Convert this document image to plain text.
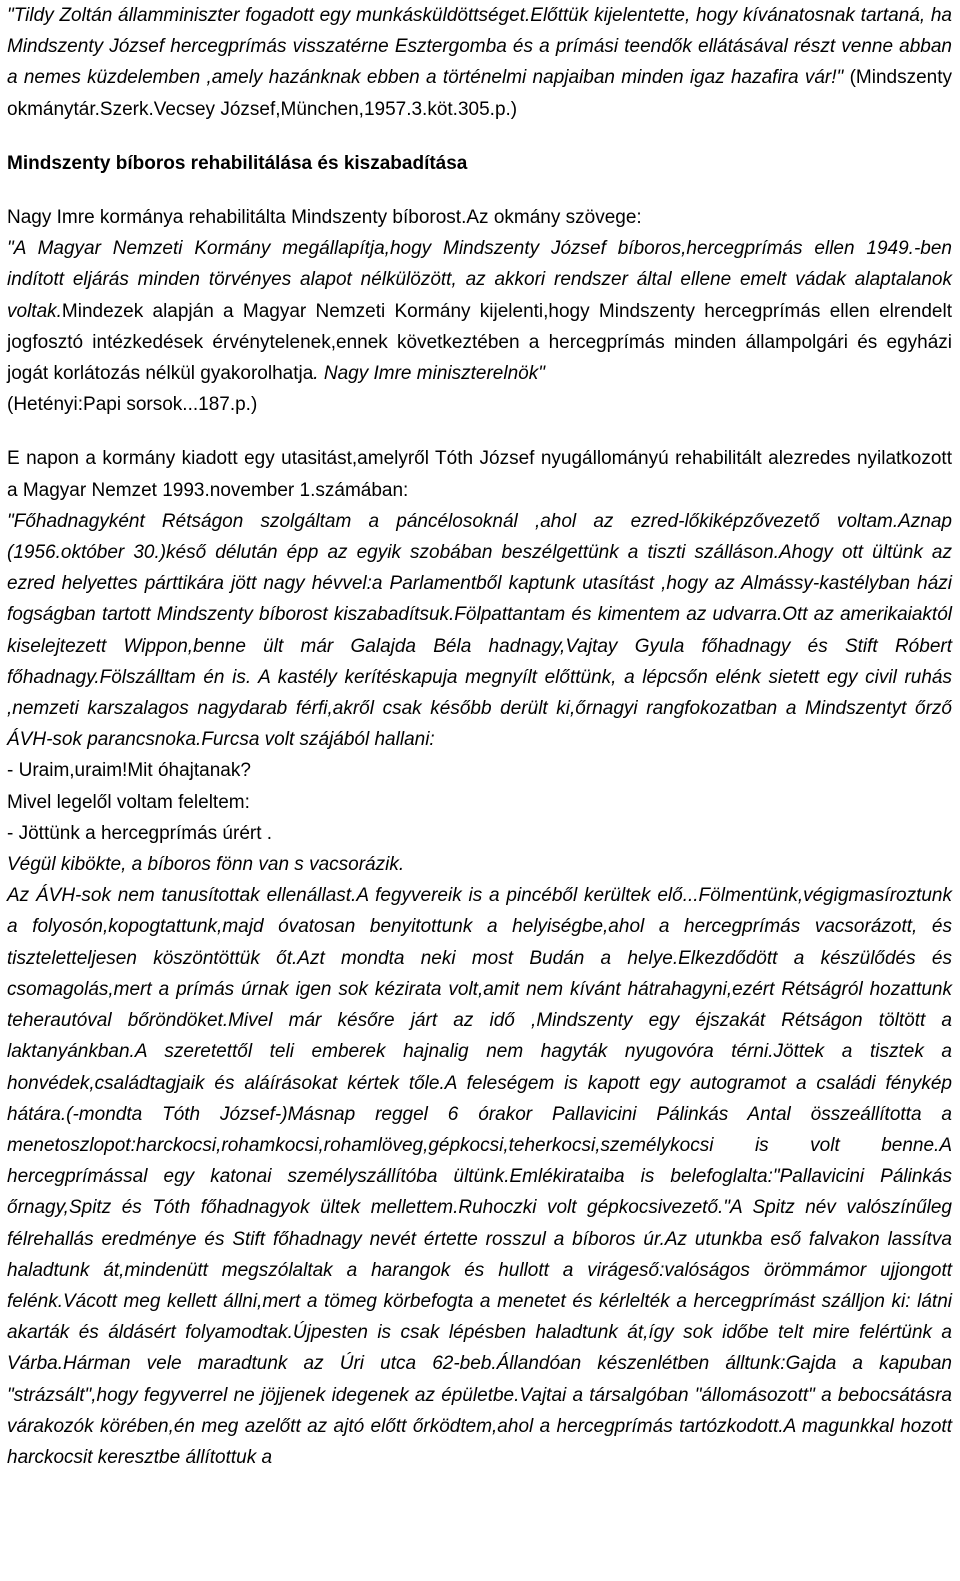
"Tildy Zoltán államminiszter fogadott egy munkásküldöttséget.Előttük kijelentette, hogy kívánatosnak tartaná, ha Mindszenty József hercegprímás visszatérne Esztergomba és a prímási teendők ellátásával részt venne abban a nemes küzdelemben ,amely hazánknak ebben a történelmi napjaiban minden igaz hazafira vár!" (Mindszenty okmánytár.Szerk.Vecsey József,München,1957.3.köt.305.p.)

Mindszenty bíboros rehabilitálása és kiszabadítása

Nagy Imre kormánya rehabilitálta Mindszenty bíborost.Az okmány szövege:
"A Magyar Nemzeti Kormány megállapítja,hogy Mindszenty József bíboros,hercegprímás ellen 1949.-ben indított eljárás minden törvényes alapot nélkülözött, az akkori rendszer által ellene emelt vádak alaptalanok voltak.Mindezek alapján a Magyar Nemzeti Kormány kijelenti,hogy Mindszenty hercegprímás ellen elrendelt jogfosztó intézkedések érvénytelenek,ennek következtében a hercegprímás minden állampolgári és egyházi jogát korlátozás nélkül gyakorolhatja. Nagy Imre miniszterelnök"
(Hetényi:Papi sorsok...187.p.)

E napon a kormány kiadott egy utasitást,amelyről Tóth József nyugállományú rehabilitált alezredes nyilatkozott a Magyar Nemzet 1993.november 1.számában:
"Főhadnagyként Rétságon szolgáltam a páncélosoknál ,ahol az ezred-lőkiképzővezető voltam.Aznap (1956.október 30.)késő délután épp az egyik szobában beszélgettünk a tiszti szálláson.Ahogy ott ültünk az ezred helyettes párttikára jött nagy hévvel:a Parlamentből kaptunk utasítást ,hogy az Almássy-kastélyban házi fogságban tartott Mindszenty bíborost kiszabadítsuk.Fölpattantam és kimentem az udvarra.Ott az amerikaiaktól kiselejtezett Wippon,benne ült már Galajda Béla hadnagy,Vajtay Gyula főhadnagy és Stift Róbert főhadnagy.Fölszálltam én is. A kastély kerítéskapuja megnyílt előttünk, a lépcsőn elénk sietett egy civil ruhás ,nemzeti karszalagos nagydarab férfi,akről csak később derült ki,őrnagyi rangfokozatban a Mindszentyt őrző ÁVH-sok parancsnoka.Furcsa volt szájából hallani:

- Uraim,uraim!Mit óhajtanak?

Mivel legelől voltam feleltem:

- Jöttünk a hercegprímás úrért .

Végül kibökte, a bíboros fönn van s vacsorázik.

Az ÁVH-sok nem tanusítottak ellenállast.A fegyvereik is a pincéből kerültek elő...Fölmentünk,végigmasíroztunk a folyosón,kopogtattunk,majd óvatosan benyitottunk a helyiségbe,ahol a hercegprímás vacsorázott, és tiszteletteljesen köszöntöttük őt.Azt mondta neki most Budán a helye.Elkezdődött a készülődés és csomagolás,mert a prímás úrnak igen sok kézirata volt,amit nem kívánt hátrahagyni,ezért Rétságról hozattunk teherautóval bőröndöket.Mivel már későre járt az idő ,Mindszenty egy éjszakát Rétságon töltött a laktanyánkban.A szeretettől teli emberek hajnalig nem hagyták nyugovóra térni.Jöttek a tisztek a honvédek,családtagjaik és aláírásokat kértek tőle.A feleségem is kapott egy autogramot a családi fénykép hátára.(-mondta Tóth József-)Másnap reggel 6 órakor Pallavicini Pálinkás Antal összeállította a menetoszlopot:harckocsi,rohamkocsi,rohamlöveg,gépkocsi,teherkocsi,személykocsi is volt benne.A hercegprímással egy katonai személyszállítóba ültünk.Emlékirataiba is belefoglalta:"Pallavicini Pálinkás őrnagy,Spitz és Tóth főhadnagyok ültek mellettem.Ruhoczki volt gépkocsivezető."A Spitz név valószínűleg félrehallás eredménye és Stift főhadnagy nevét értette rosszul a bíboros úr.Az utunkba eső falvakon lassítva haladtunk át,mindenütt megszólaltak a harangok és hullott a virágeső:valóságos örömmámor ujjongott felénk.Vácott meg kellett állni,mert a tömeg körbefogta a menetet és kérlelték a hercegprímást szálljon ki: látni akarták és áldásért folyamodtak.Újpesten is csak lépésben haladtunk át,így sok időbe telt mire felértünk a Várba.Hárman vele maradtunk az Úri utca 62-beb.Állandóan készenlétben álltunk:Gajda a kapuban "strázsált",hogy fegyverrel ne jöjjenek idegenek az épületbe.Vajtai a társalgóban "állomásozott" a bebocsátásra várakozók körében,én meg azelőtt az ajtó előtt őrködtem,ahol a hercegprímás tartózkodott.A magunkkal hozott harckocsit keresztbe állítottuk a
